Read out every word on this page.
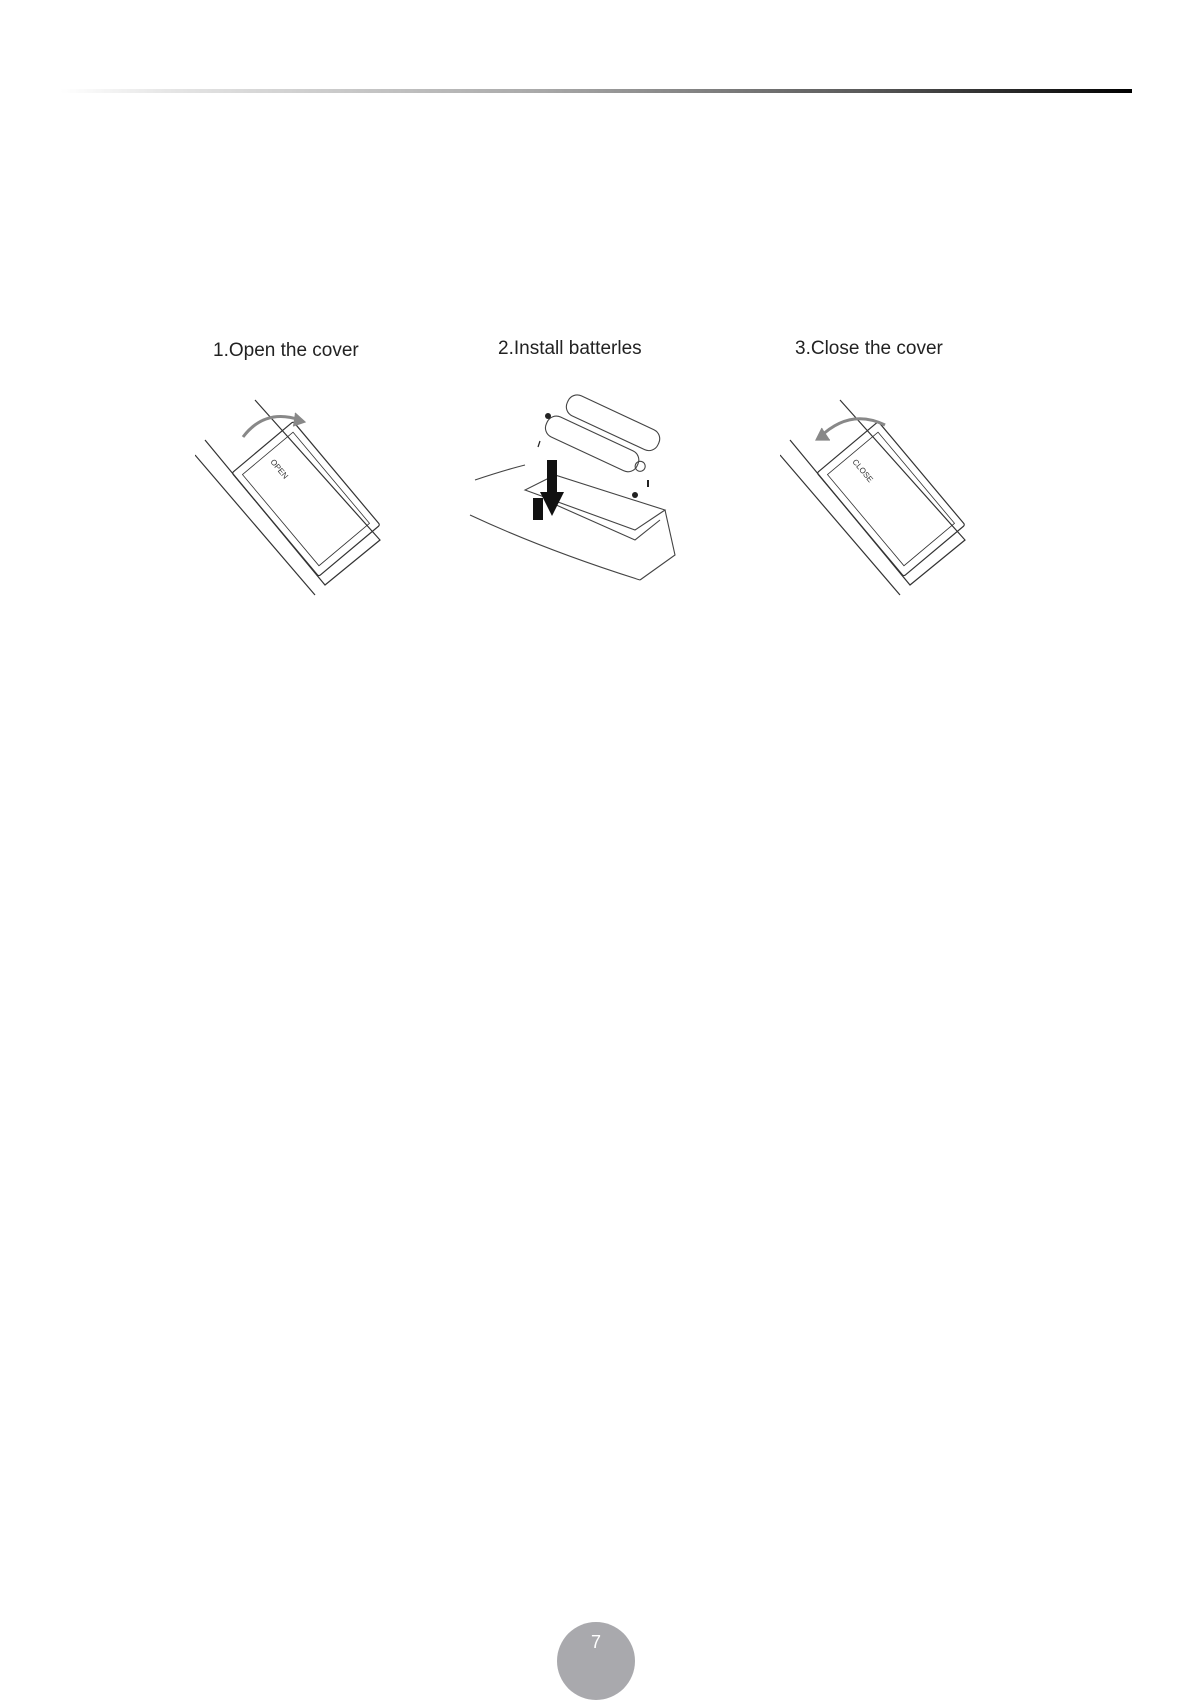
1.Open the cover
OPEN
2.Install batterles	3.Close the cover
CLOSE
7
